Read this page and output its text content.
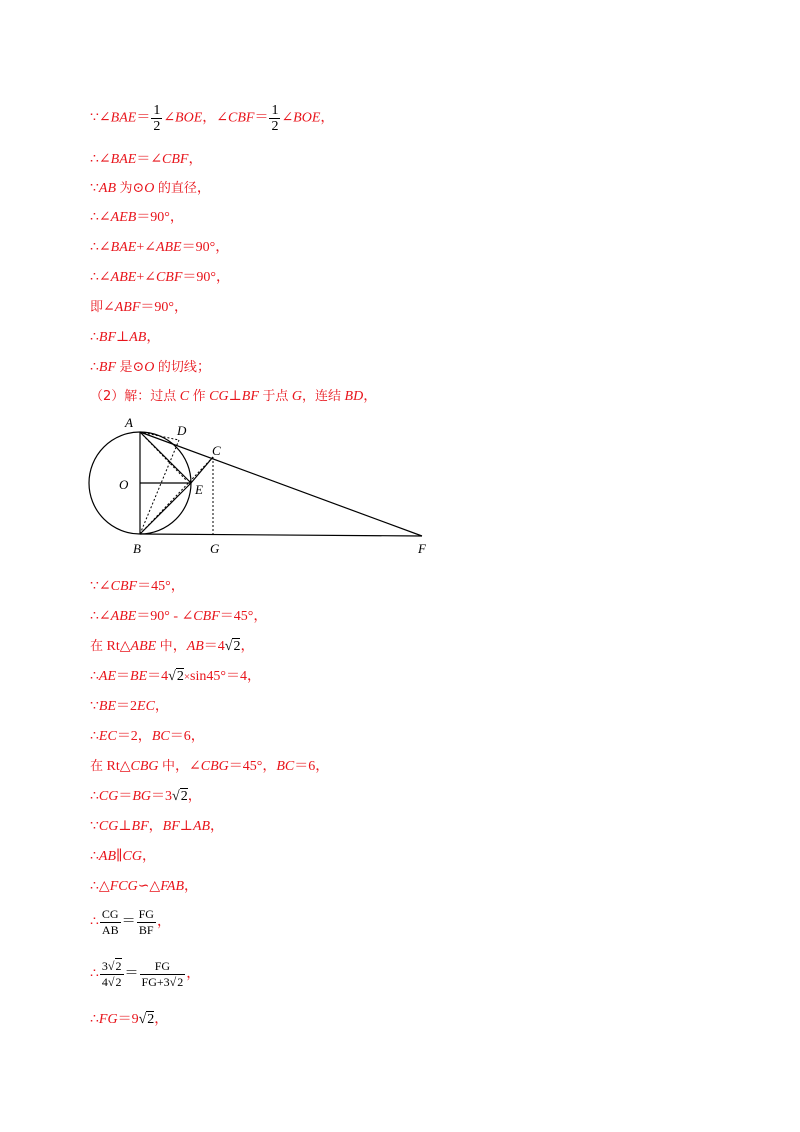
∵∠BAE＝ $\frac{1}{2}$ ∠BOE，∠CBF＝ $\frac{1}{2}$ ∠BOE，
∴∠BAE＝∠CBF，
∵AB 为⊙O 的直径，
∴∠AEB＝90°，
∴∠BAE+∠ABE＝90°，
∴∠ABE+∠CBF＝90°，
即∠ABF＝90°，
∴BF⊥AB，
∴BF 是⊙O 的切线；
（2）解：过点 C 作 CG⊥BF 于点 G，连结 BD，
A
D
C
O	E
B	G	F
∵∠CBF＝45°，
∴∠ABE＝90° - ∠CBF＝45°，
在 Rt△ABE 中，AB＝4√2，
∴AE＝BE＝4√2×sin45°＝4，
∵BE＝2EC，
∴EC＝2，BC＝6，
在 Rt△CBG 中，∠CBG＝45°，BC＝6，
∴CG＝BG＝3√2，
∵CG⊥BF，BF⊥AB，
∴AB∥CG，
∴△FCG∽△FAB，
∴ $\frac{CG}{AB} = \frac{FG}{BF}$ ，
∴ $\frac{3√2}{4√2} = \frac{FG}{FG+3√2}$ ，
∴FG＝9√2，
